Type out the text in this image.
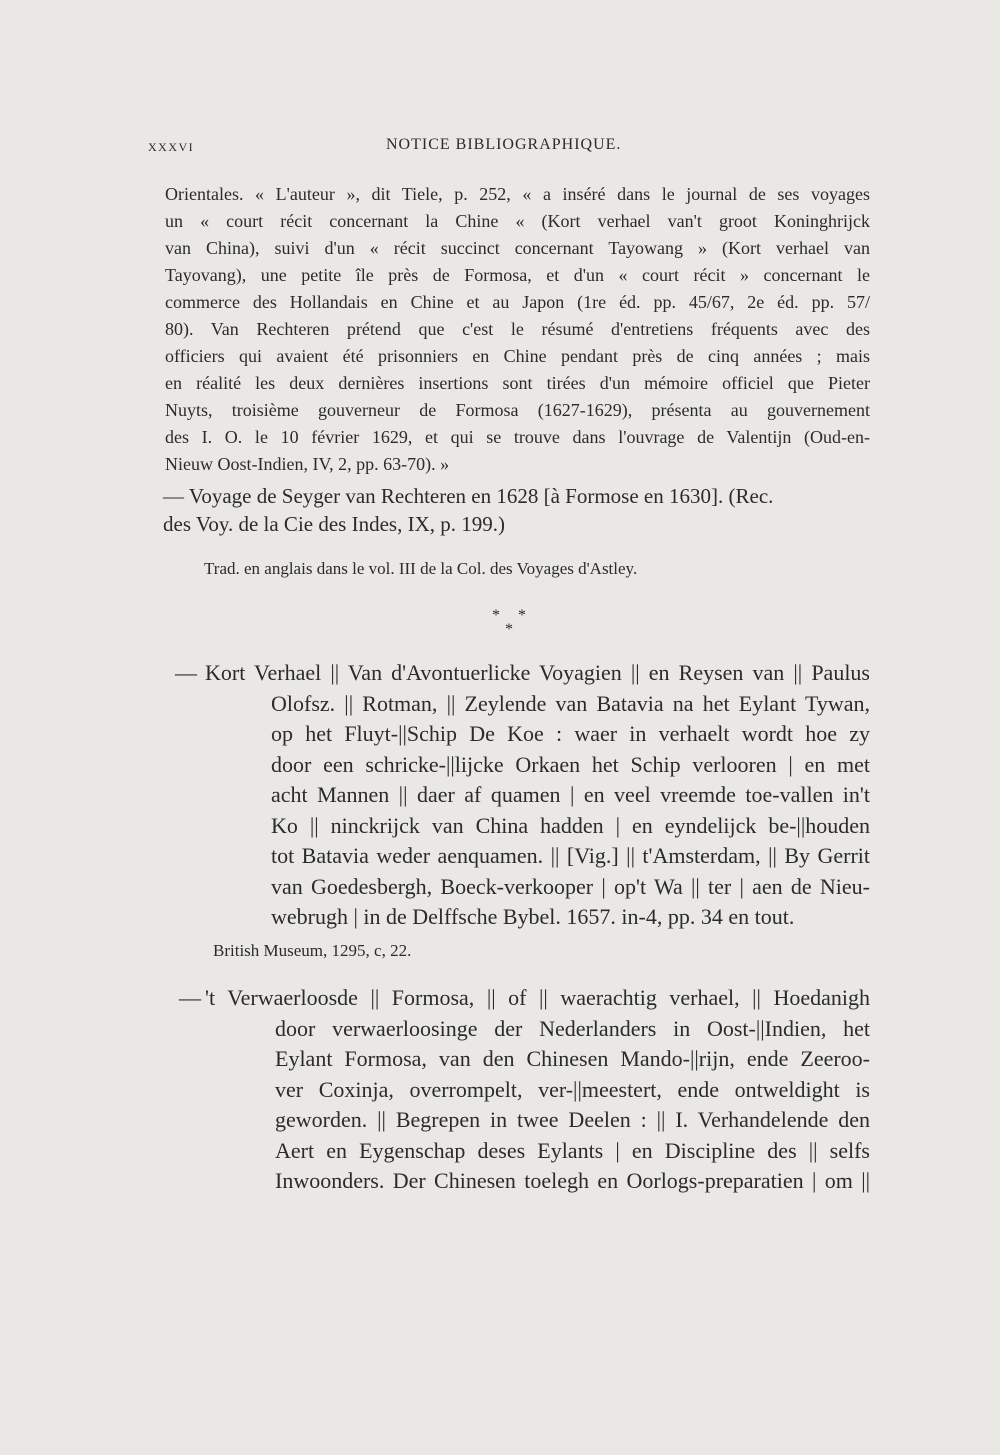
XXXVI	NOTICE BIBLIOGRAPHIQUE.
Orientales. « L'auteur », dit Tiele, p. 252, « a inséré dans le journal de ses voyages
un « court récit concernant la Chine « (Kort verhael van't groot Koninghrijck
van China), suivi d'un « récit succinct concernant Tayowang » (Kort verhael van
Tayovang), une petite île près de Formosa, et d'un « court récit » concernant le
commerce des Hollandais en Chine et au Japon (1re éd. pp. 45/67, 2e éd. pp. 57/
80). Van Rechteren prétend que c'est le résumé d'entretiens fréquents avec des
officiers qui avaient été prisonniers en Chine pendant près de cinq années ; mais
en réalité les deux dernières insertions sont tirées d'un mémoire officiel que Pieter
Nuyts, troisième gouverneur de Formosa (1627-1629), présenta au gouvernement
des I. O. le 10 février 1629, et qui se trouve dans l'ouvrage de Valentijn (Oud-en-
Nieuw Oost-Indien, IV, 2, pp. 63-70). »
— Voyage de Seyger van Rechteren en 1628 [à Formose en 1630]. (Rec.
des Voy. de la Cie des Indes, IX, p. 199.)
Trad. en anglais dans le vol. III de la Col. des Voyages d'Astley.
* *
*
— Kort Verhael || Van d'Avontuerlicke Voyagien || en Reysen van || Paulus
Olofsz. || Rotman, || Zeylende van Batavia na het Eylant Tywan,
op het Fluyt-||Schip De Koe : waer in verhaelt wordt hoe zy
door een schricke-||lijcke Orkaen het Schip verlooren | en met
acht Mannen || daer af quamen | en veel vreemde toe-vallen in't
Ko || ninckrijck van China hadden | en eyndelijck be-||houden
tot Batavia weder aenquamen. || [Vig.] || t'Amsterdam, || By Gerrit
van Goedesbergh, Boeck-verkooper | op't Wa || ter | aen de Nieu-
webrugh | in de Delffsche Bybel. 1657. in-4, pp. 34 en tout.
British Museum, 1295, c, 22.
— 't Verwaerloosde || Formosa, || of || waerachtig verhael, || Hoedanigh
door verwaerloosinge der Nederlanders in Oost-||Indien, het
Eylant Formosa, van den Chinesen Mando-||rijn, ende Zeeroo-
ver Coxinja, overrompelt, ver-||meestert, ende ontweldight is
geworden. || Begrepen in twee Deelen : || I. Verhandelende den
Aert en Eygenschap deses Eylants | en Discipline des || selfs
Inwoonders. Der Chinesen toelegh en Oorlogs-preparatien | om ||
